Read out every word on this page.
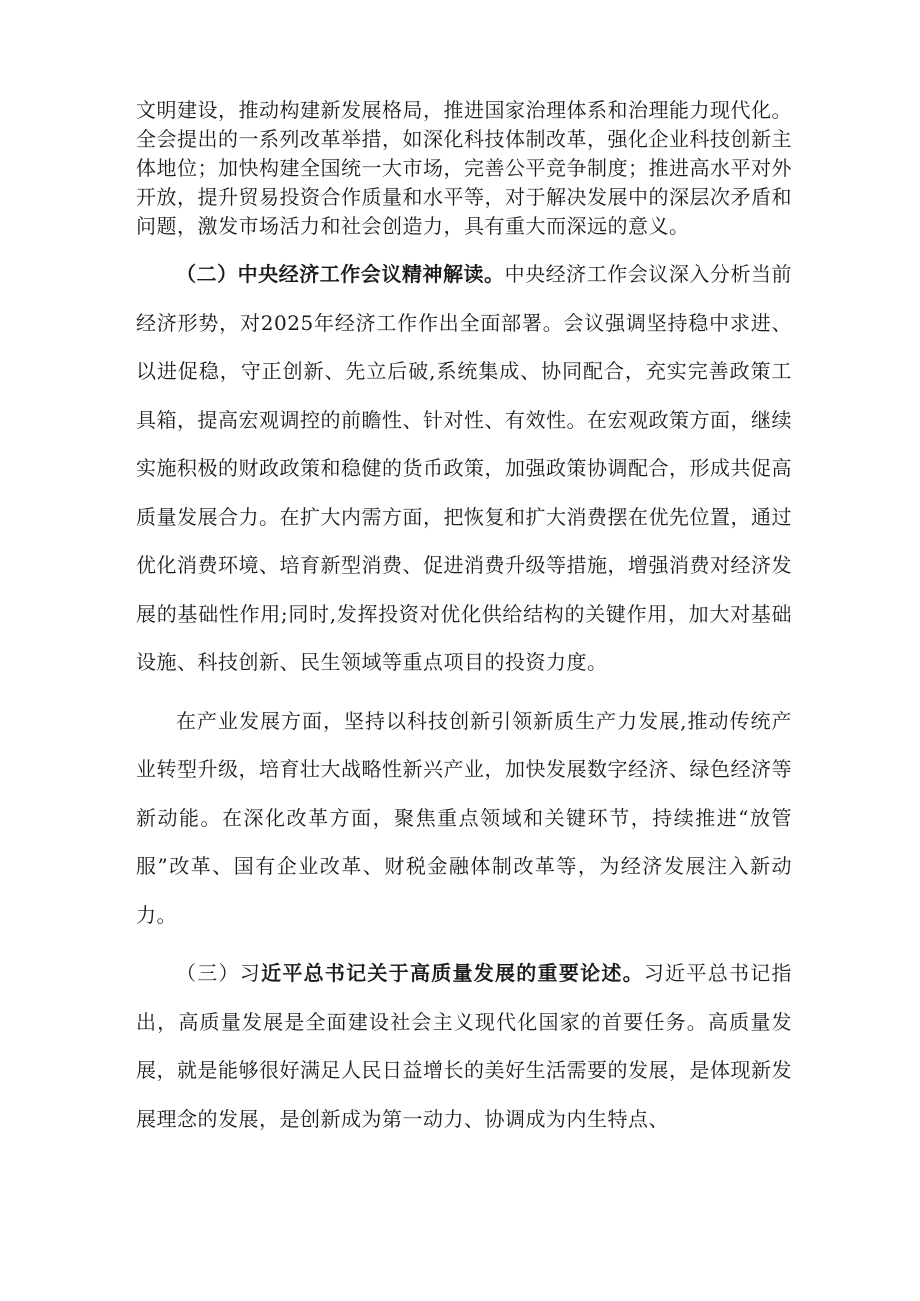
文明建设，推动构建新发展格局，推进国家治理体系和治理能力现代化。全会提出的一系列改革举措，如深化科技体制改革，强化企业科技创新主体地位；加快构建全国统一大市场，完善公平竞争制度；推进高水平对外开放，提升贸易投资合作质量和水平等，对于解决发展中的深层次矛盾和问题，激发市场活力和社会创造力，具有重大而深远的意义。

（二）中央经济工作会议精神解读。中央经济工作会议深入分析当前经济形势，对2025年经济工作作出全面部署。会议强调坚持稳中求进、以进促稳，守正创新、先立后破,系统集成、协同配合，充实完善政策工具箱，提高宏观调控的前瞻性、针对性、有效性。在宏观政策方面，继续实施积极的财政政策和稳健的货币政策，加强政策协调配合，形成共促高质量发展合力。在扩大内需方面，把恢复和扩大消费摆在优先位置，通过优化消费环境、培育新型消费、促进消费升级等措施，增强消费对经济发展的基础性作用;同时,发挥投资对优化供给结构的关键作用，加大对基础设施、科技创新、民生领域等重点项目的投资力度。

在产业发展方面，坚持以科技创新引领新质生产力发展,推动传统产业转型升级，培育壮大战略性新兴产业，加快发展数字经济、绿色经济等新动能。在深化改革方面，聚焦重点领域和关键环节，持续推进“放管服”改革、国有企业改革、财税金融体制改革等，为经济发展注入新动力。

（三）习近平总书记关于高质量发展的重要论述。习近平总书记指出，高质量发展是全面建设社会主义现代化国家的首要任务。高质量发展，就是能够很好满足人民日益增长的美好生活需要的发展，是体现新发展理念的发展，是创新成为第一动力、协调成为内生特点、
